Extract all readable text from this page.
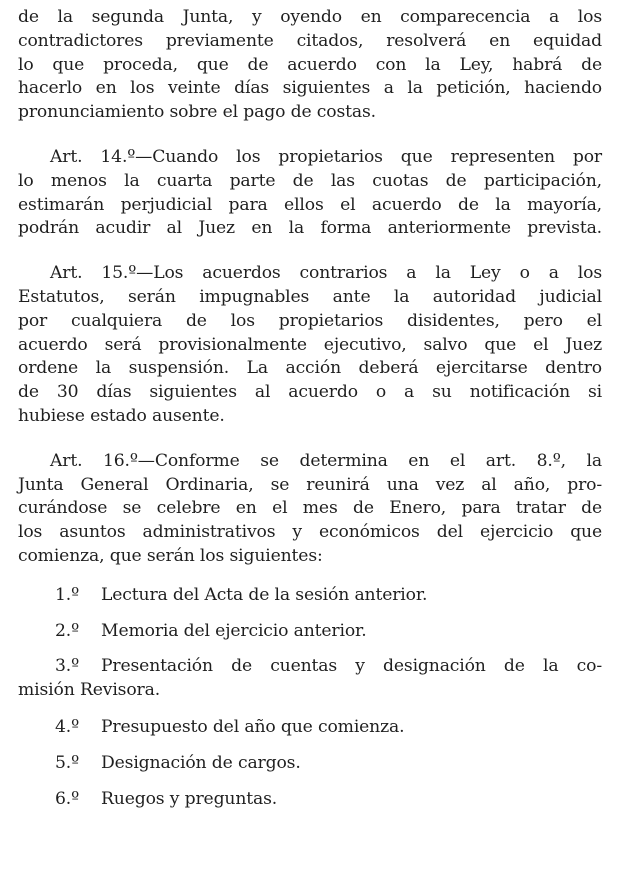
de la segunda Junta, y oyendo en comparecencia a los
contradictores previamente citados, resolverá en equidad
lo que proceda, que de acuerdo con la Ley, habrá de
hacerlo en los veinte días siguientes a la petición, haciendo
pronunciamiento sobre el pago de costas.
Art. 14.º—Cuando los propietarios que representen por
lo menos la cuarta parte de las cuotas de participación,
estimarán perjudicial para ellos el acuerdo de la mayoría,
podrán acudir al Juez en la forma anteriormente prevista.
Art. 15.º—Los acuerdos contrarios a la Ley o a los
Estatutos, serán impugnables ante la autoridad judicial
por cualquiera de los propietarios disidentes, pero el
acuerdo será provisionalmente ejecutivo, salvo que el Juez
ordene la suspensión. La acción deberá ejercitarse dentro
de 30 días siguientes al acuerdo o a su notificación si
hubiese estado ausente.
Art. 16.º—Conforme se determina en el art. 8.º, la
Junta General Ordinaria, se reunirá una vez al año, pro-
curándose se celebre en el mes de Enero, para tratar de
los asuntos administrativos y económicos del ejercicio que
comienza, que serán los siguientes:

1.º Lectura del Acta de la sesión anterior.

2.º Memoria del ejercicio anterior.

3.º Presentación de cuentas y designación de la co-
misión Revisora.

4.º Presupuesto del año que comienza.

5.º Designación de cargos.

6.º Ruegos y preguntas.
